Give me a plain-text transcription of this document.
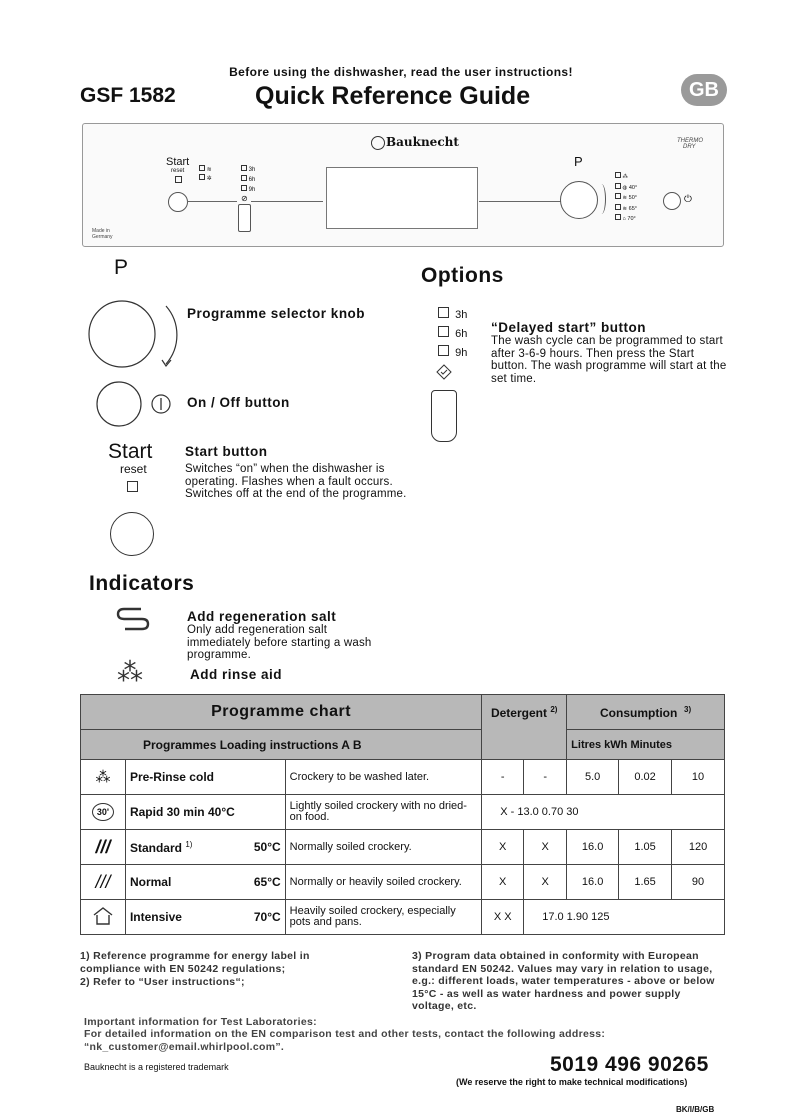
Before using the dishwasher, read the user instructions!
GSF 1582	Quick Reference Guide	GB
Bauknecht	THERMO
DRY
Start
reset	≋
✲
3h
6h
9h
⊘
P
⁂
◍ 40°
≋ 50°
≋ 65°
⌂ 70°
⏻
Made in
Germany
P
Programme selector knob
On / Off button
Start
reset
Start button
Switches “on” when the dishwasher is operating. Flashes when a fault occurs. Switches off at the end of the programme.
Options
3h
6h
9h
“Delayed start” button
The wash cycle can be programmed to start after 3-6-9 hours. Then press the Start button. The wash programme will start at the set time.
Indicators
Add regeneration salt
Only add regeneration salt immediately before starting a wash programme.
⁂	Add rinse aid
Programme chart			Detergent $^{2)}$		Consumption $^{3)}$
Programmes Loading instructions A B					Litres kWh Minutes		
⁂	Pre-Rinse cold	Crockery to be washed later.	-	-	5.0	0.02	10
30'	Rapid 30 min 40°C	Lightly soiled crockery with no dried-on food.	X - 13.0 0.70 30				
///	Standard $^{1)}$ 50°C	Normally soiled crockery.	X	X	16.0	1.05	120
///	Normal 65°C	Normally or heavily soiled crockery.	X	X	16.0	1.65	90
	Intensive 70°C	Heavily soiled crockery, especially pots and pans.	X X	17.0 1.90 125			
1) Reference programme for energy label in compliance with EN 50242 regulations;
2) Refer to “User instructions“;
3) Program data obtained in conformity with European standard EN 50242. Values may vary in relation to usage, e.g.: different loads, water temperatures - above or below 15°C - as well as water hardness and power supply voltage, etc.
Important information for Test Laboratories:
For detailed information on the EN comparison test and other tests, contact the following address: “nk_customer@email.whirlpool.com”.
Bauknecht is a registered trademark	5019 496 90265
(We reserve the right to make technical modifications)
BK/I/B/GB
